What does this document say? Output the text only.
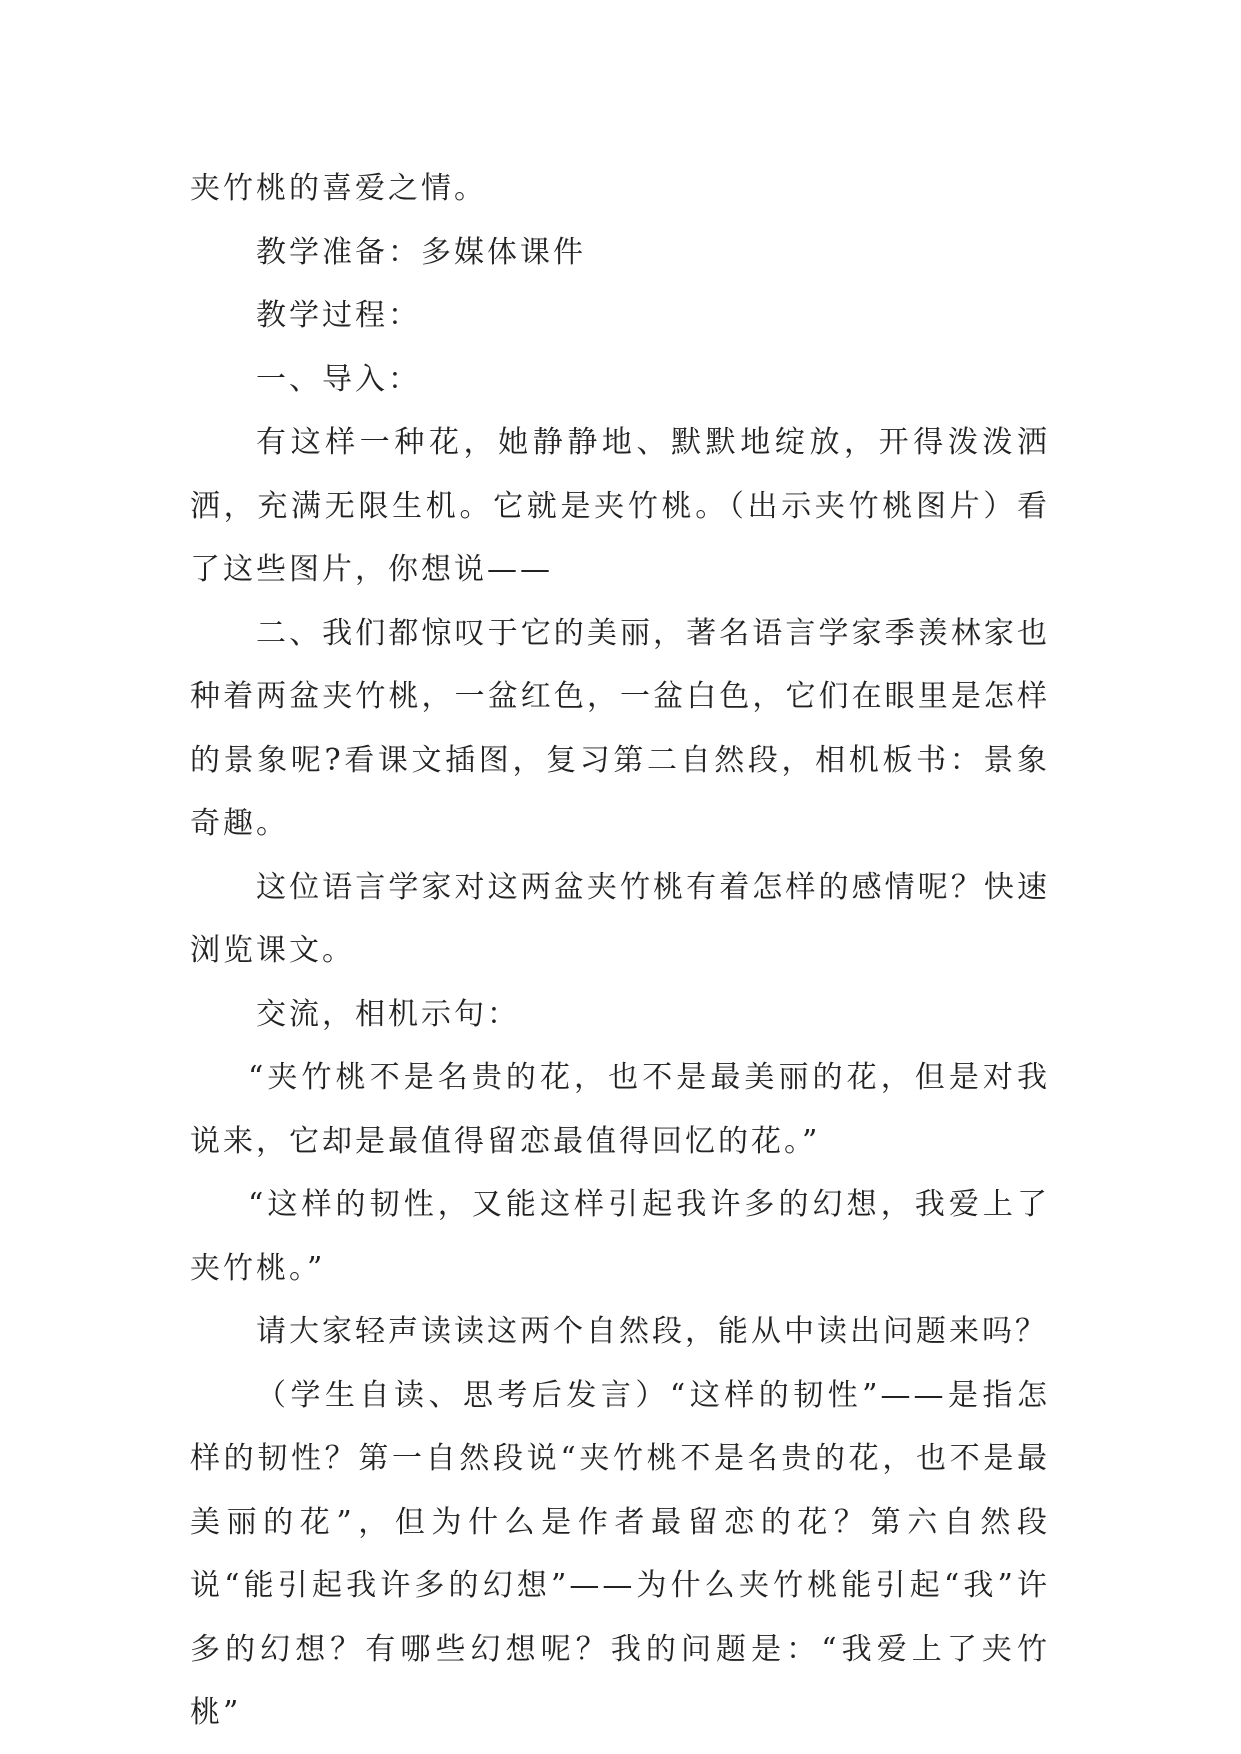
夹竹桃的喜爱之情。

教学准备：多媒体课件

教学过程：

一、导入：

有这样一种花，她静静地、默默地绽放，开得泼泼洒洒，充满无限生机。它就是夹竹桃。（出示夹竹桃图片）看了这些图片，你想说——

二、我们都惊叹于它的美丽，著名语言学家季羡林家也种着两盆夹竹桃，一盆红色，一盆白色，它们在眼里是怎样的景象呢?看课文插图，复习第二自然段，相机板书：景象奇趣。

这位语言学家对这两盆夹竹桃有着怎样的感情呢？快速浏览课文。

交流，相机示句：

“夹竹桃不是名贵的花，也不是最美丽的花，但是对我说来，它却是最值得留恋最值得回忆的花。”

“这样的韧性，又能这样引起我许多的幻想，我爱上了夹竹桃。”

请大家轻声读读这两个自然段，能从中读出问题来吗？

（学生自读、思考后发言）“这样的韧性”——是指怎样的韧性？第一自然段说“夹竹桃不是名贵的花，也不是最美丽的花”，但为什么是作者最留恋的花？第六自然段说“能引起我许多的幻想”——为什么夹竹桃能引起“我”许多的幻想？有哪些幻想呢？我的问题是：“我爱上了夹竹桃”
